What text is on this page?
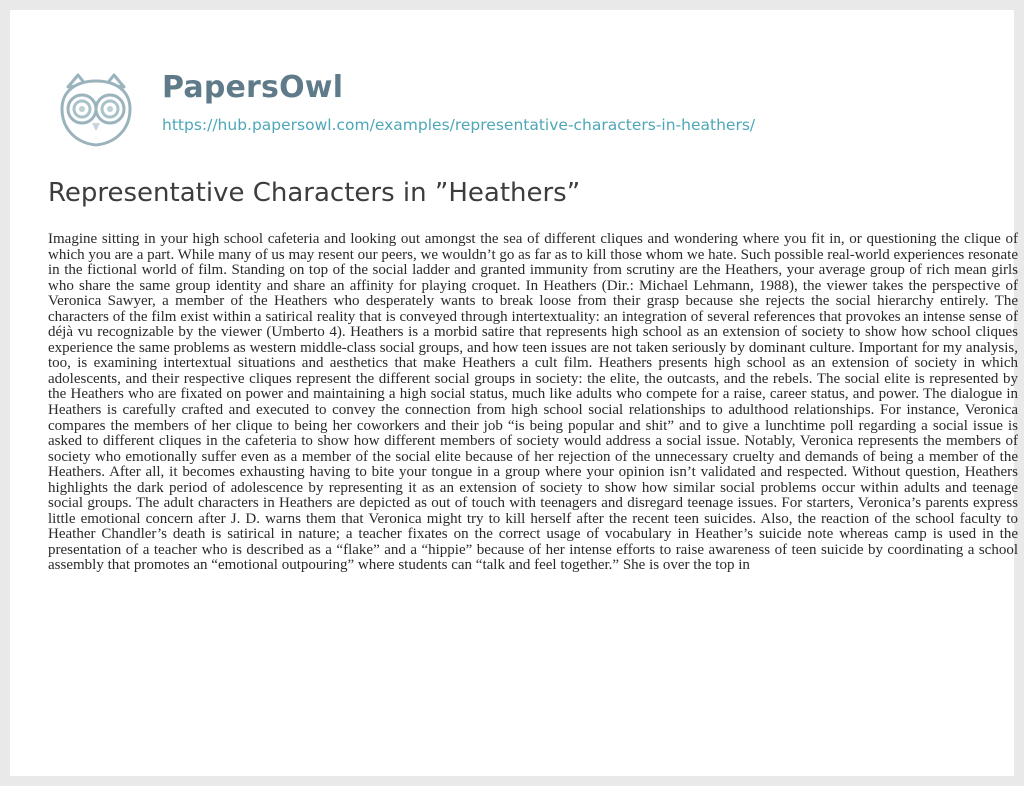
PapersOwl
https://hub.papersowl.com/examples/representative-characters-in-heathers/
Representative Characters in ”Heathers”

Imagine sitting in your high school cafeteria and looking out amongst the sea of different cliques and wondering where you fit in, or questioning the clique of which you are a part. While many of us may resent our peers, we wouldn’t go as far as to kill those whom we hate. Such possible real-world experiences resonate in the fictional world of film. Standing on top of the social ladder and granted immunity from scrutiny are the Heathers, your average group of rich mean girls who share the same group identity and share an affinity for playing croquet. In Heathers (Dir.: Michael Lehmann, 1988), the viewer takes the perspective of Veronica Sawyer, a member of the Heathers who desperately wants to break loose from their grasp because she rejects the social hierarchy entirely. The characters of the film exist within a satirical reality that is conveyed through intertextuality: an integration of several references that provokes an intense sense of déjà vu recognizable by the viewer (Umberto 4). Heathers is a morbid satire that represents high school as an extension of society to show how school cliques experience the same problems as western middle-class social groups, and how teen issues are not taken seriously by dominant culture. Important for my analysis, too, is examining intertextual situations and aesthetics that make Heathers a cult film. Heathers presents high school as an extension of society in which adolescents, and their respective cliques represent the different social groups in society: the elite, the outcasts, and the rebels. The social elite is represented by the Heathers who are fixated on power and maintaining a high social status, much like adults who compete for a raise, career status, and power. The dialogue in Heathers is carefully crafted and executed to convey the connection from high school social relationships to adulthood relationships. For instance, Veronica compares the members of her clique to being her coworkers and their job “is being popular and shit” and to give a lunchtime poll regarding a social issue is asked to different cliques in the cafeteria to show how different members of society would address a social issue. Notably, Veronica represents the members of society who emotionally suffer even as a member of the social elite because of her rejection of the unnecessary cruelty and demands of being a member of the Heathers. After all, it becomes exhausting having to bite your tongue in a group where your opinion isn’t validated and respected. Without question, Heathers highlights the dark period of adolescence by representing it as an extension of society to show how similar social problems occur within adults and teenage social groups. The adult characters in Heathers are depicted as out of touch with teenagers and disregard teenage issues. For starters, Veronica’s parents express little emotional concern after J. D. warns them that Veronica might try to kill herself after the recent teen suicides. Also, the reaction of the school faculty to Heather Chandler’s death is satirical in nature; a teacher fixates on the correct usage of vocabulary in Heather’s suicide note whereas camp is used in the presentation of a teacher who is described as a “flake” and a “hippie” because of her intense efforts to raise awareness of teen suicide by coordinating a school assembly that promotes an “emotional outpouring” where students can “talk and feel together.” She is over the top in
